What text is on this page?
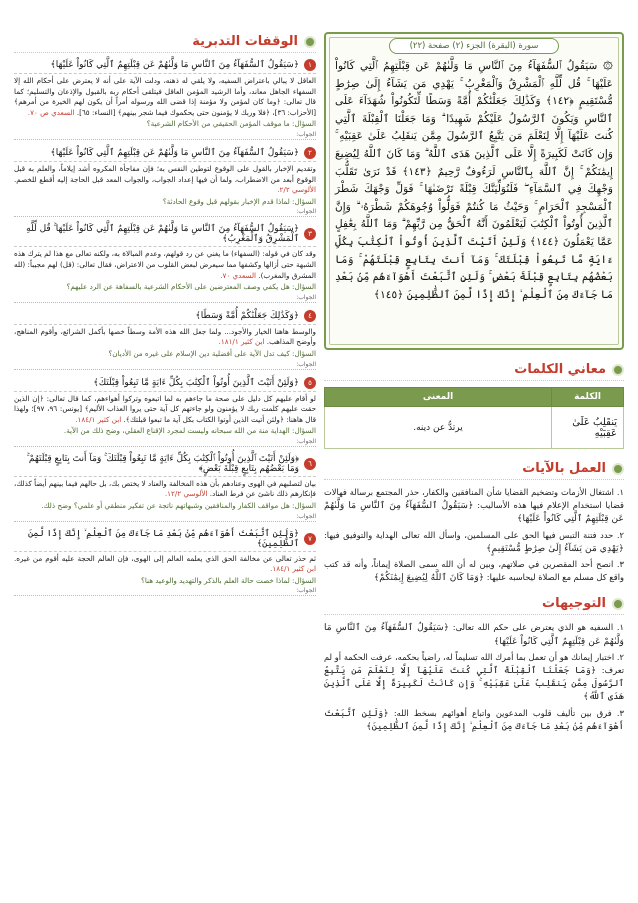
سورة (البقرة) الجزء (٢) صفحة (٢٢)
۞ سَيَقُولُ ٱلسُّفَهَآءُ مِنَ ٱلنَّاسِ مَا وَلَّىٰهُمْ عَن قِبْلَتِهِمُ ٱلَّتِي كَانُواْ عَلَيْهَا ۚ قُل لِّلَّهِ ٱلْمَشْرِقُ وَٱلْمَغْرِبُ ۚ يَهْدِي مَن يَشَآءُ إِلَىٰ صِرَٰطٍ مُّسْتَقِيمٍ ﴿١٤٢﴾ وَكَذَٰلِكَ جَعَلْنَٰكُمْ أُمَّةً وَسَطًا لِّتَكُونُواْ شُهَدَآءَ عَلَى ٱلنَّاسِ وَيَكُونَ ٱلرَّسُولُ عَلَيْكُمْ شَهِيدًا ۗ وَمَا جَعَلْنَا ٱلْقِبْلَةَ ٱلَّتِي كُنتَ عَلَيْهَآ إِلَّا لِنَعْلَمَ مَن يَتَّبِعُ ٱلرَّسُولَ مِمَّن يَنقَلِبُ عَلَىٰ عَقِبَيْهِ ۚ وَإِن كَانَتْ لَكَبِيرَةً إِلَّا عَلَى ٱلَّذِينَ هَدَى ٱللَّهُ ۗ وَمَا كَانَ ٱللَّهُ لِيُضِيعَ إِيمَٰنَكُمْ ۚ إِنَّ ٱللَّهَ بِٱلنَّاسِ لَرَءُوفٌ رَّحِيمٌ ﴿١٤٣﴾ قَدْ نَرَىٰ تَقَلُّبَ وَجْهِكَ فِي ٱلسَّمَآءِ ۖ فَلَنُوَلِّيَنَّكَ قِبْلَةً تَرْضَىٰهَا ۚ فَوَلِّ وَجْهَكَ شَطْرَ ٱلْمَسْجِدِ ٱلْحَرَامِ ۚ وَحَيْثُ مَا كُنتُمْ فَوَلُّواْ وُجُوهَكُمْ شَطْرَهُۥ ۗ وَإِنَّ ٱلَّذِينَ أُوتُواْ ٱلْكِتَٰبَ لَيَعْلَمُونَ أَنَّهُ ٱلْحَقُّ مِن رَّبِّهِمْ ۗ وَمَا ٱللَّهُ بِغَٰفِلٍ عَمَّا يَعْمَلُونَ ﴿١٤٤﴾ وَلَئِنْ أَتَيْتَ ٱلَّذِينَ أُوتُواْ ٱلْكِتَٰبَ بِكُلِّ ءَايَةٍ مَّا تَبِعُواْ قِبْلَتَكَ ۚ وَمَآ أَنتَ بِتَابِعٍ قِبْلَتَهُمْ ۚ وَمَا بَعْضُهُم بِتَابِعٍ قِبْلَةَ بَعْضٍ ۚ وَلَئِنِ ٱتَّبَعْتَ أَهْوَآءَهُم مِّنۢ بَعْدِ مَا جَآءَكَ مِنَ ٱلْعِلْمِ ۙ إِنَّكَ إِذًا لَّمِنَ ٱلظَّٰلِمِينَ ﴿١٤٥﴾
معاني الكلمات
الكلمة	المعنى
يَنقَلِبُ عَلَىٰ عَقِبَيْهِ	يرتدُّ عن دينه.
العمل بالآيات

١. اشتغال الأزمات وتضخيم القضايا شأن المنافقين والكفار، حذر المجتمع برسالة فهالات قضايا استخدام الإعلام فيها هذه الأساليب: ﴿سَيَقُولُ ٱلسُّفَهَآءُ مِنَ ٱلنَّاسِ مَا وَلَّىٰهُمْ عَن قِبْلَتِهِمُ ٱلَّتِي كَانُواْ عَلَيْهَا﴾

٢. حدد فتنة التبس فيها الحق على المسلمين، واسأل الله تعالى الهداية والتوفيق فيها: ﴿يَهْدِي مَن يَشَآءُ إِلَىٰ صِرَٰطٍ مُّسْتَقِيمٍ﴾

٣. انصح أحد المقصرين في صلاتهم، وبين له أن الله سمى الصلاة إيماناً، وأنه قد كتب واقع كل مسلم مع الصلاة ليحاسبه عليها: ﴿وَمَا كَانَ ٱللَّهُ لِيُضِيعَ إِيمَٰنَكُمْ﴾

التوجيهات

١. السفيه هو الذي يعترض على حكم الله تعالى: ﴿سَيَقُولُ ٱلسُّفَهَآءُ مِنَ ٱلنَّاسِ مَا وَلَّىٰهُمْ عَن قِبْلَتِهِمُ ٱلَّتِي كَانُواْ عَلَيْهَا﴾

٢. اختبار إيمانك هو أن تعمل بما أمرك الله تسليماً له، راضياً بحكمه، عرفت الحكمة أو لم تعرف: ﴿وَمَا جَعَلْنَا ٱلْقِبْلَةَ ٱلَّتِي كُنتَ عَلَيْهَآ إِلَّا لِنَعْلَمَ مَن يَتَّبِعُ ٱلرَّسُولَ مِمَّن يَنقَلِبُ عَلَىٰ عَقِبَيْهِ ۚ وَإِن كَانَتْ لَكَبِيرَةً إِلَّا عَلَى ٱلَّذِينَ هَدَى ٱللَّهُ﴾

٣. فرق بين تأليف قلوب المدعوين واتباع أهوائهم بسخط الله: ﴿وَلَئِنِ ٱتَّبَعْتَ أَهْوَآءَهُم مِّنۢ بَعْدِ مَا جَآءَكَ مِنَ ٱلْعِلْمِ ۙ إِنَّكَ إِذًا لَّمِنَ ٱلظَّٰلِمِينَ﴾

الوقفات التدبرية
١
﴿سَيَقُولُ ٱلسُّفَهَآءُ مِنَ ٱلنَّاسِ مَا وَلَّىٰهُمْ عَن قِبْلَتِهِمُ ٱلَّتِي كَانُواْ عَلَيْهَا﴾
العاقل لا يبالي باعتراض السفيه، ولا يلقي له ذهنه، ودلت الآية على أنه لا يعترض على أحكام الله إلا السفهاء الجاهل معاند، وأما الرشيد المؤمن العاقل فيتلقى أحكام ربه بالقبول والإذعان والتسليم؛ كما قال تعالى: ﴿وما كان لمؤمن ولا مؤمنة إذا قضى الله ورسوله أمراً أن يكون لهم الخيرة من أمرهم﴾ [الأحزاب: ٣٦]، ﴿فلا وربك لا يؤمنون حتى يحكموك فيما شجر بينهم﴾ [النساء: ٦٥]. السعدي ص ٧٠.
السؤال: ما موقف المؤمن الحقيقي من الأحكام الشرعية؟
الجواب:
٢
﴿سَيَقُولُ ٱلسُّفَهَآءُ مِنَ ٱلنَّاسِ مَا وَلَّىٰهُمْ عَن قِبْلَتِهِمُ ٱلَّتِي كَانُواْ عَلَيْهَا﴾
وتقديم الإخبار بالقول على الوقوع لتوطين النفس به؛ فإن مفاجأة المكروه أشد إيلاماً، والعلم به قبل الوقوع أبعد من الاضطراب، ولما أن فيها إعداد الجواب، والجواب المعد قبل الحاجة إليه أقطع للخصم. الألوسي ٢/٢.
السؤال: لماذا قدم الإخبار بقولهم قبل وقوع الحادثة؟
الجواب:
٣
﴿سَيَقُولُ ٱلسُّفَهَآءُ مِنَ ٱلنَّاسِ مَا وَلَّىٰهُمْ عَن قِبْلَتِهِمُ ٱلَّتِي كَانُواْ عَلَيْهَا ۚ قُل لِّلَّهِ ٱلْمَشْرِقُ وَٱلْمَغْرِبُ﴾
وقد كان في قوله: (السفهاء) ما يغني عن رد قولهم، وعدم المبالاة به، ولكنه تعالى مع هذا لم يترك هذه الشبهة حتى أزالها وكشفها مما سيعرض لبعض القلوب من الاعتراض، فقال تعالى: (قل) لهم مجيباً: (لله المشرق والمغرب). السعدي ٧٠.
السؤال: هل يكفي وصف المعترضين على الأحكام الشرعية بالسفاهة عن الرد عليهم؟
الجواب:
٤
﴿وَكَذَٰلِكَ جَعَلْنَٰكُمْ أُمَّةً وَسَطًا﴾
والوسط هاهنا الخيار والأجود... ولما جعل الله هذه الأمة وسطاً خصها بأكمل الشرائع، وأقوم المناهج، وأوضح المذاهب. ابن كثير ١٨١/١.
السؤال: كيف تدل الآية على أفضلية دين الإسلام على غيره من الأديان؟
الجواب:
٥
﴿وَلَئِنْ أَتَيْتَ ٱلَّذِينَ أُوتُواْ ٱلْكِتَٰبَ بِكُلِّ ءَايَةٍ مَّا تَبِعُواْ قِبْلَتَكَ﴾
لو أقام عليهم كل دليل على صحة ما جاءهم به لما اتبعوه وتركوا أهواءهم، كما قال تعالى: ﴿إن الذين حقت عليهم كلمت ربك لا يؤمنون ولو جاءتهم كل آية حتى يروا العذاب الأليم﴾ [يونس: ٩٦، ٩٧]؛ ولهذا قال هاهنا: ﴿ولئن أتيت الذين أوتوا الكتاب بكل آية ما تبعوا قبلتك﴾. ابن كثير ١٨٤/١.
السؤال: الهداية منة من الله سبحانه وليست لمجرد الإقناع العقلي، وضح ذلك من الآية.
الجواب:
٦
﴿وَلَئِنْ أَتَيْتَ ٱلَّذِينَ أُوتُواْ ٱلْكِتَٰبَ بِكُلِّ ءَايَةٍ مَّا تَبِعُواْ قِبْلَتَكَ ۚ وَمَآ أَنتَ بِتَابِعٍ قِبْلَتَهُمْ ۚ وَمَا بَعْضُهُم بِتَابِعٍ قِبْلَةَ بَعْضٍ﴾
بيان لتصلبهم في الهوى وعنادهم بأن هذه المخالفة والعناد لا يختص بك، بل حالهم فيما بينهم أيضاً كذلك، فإنكارهم ذلك ناشئ عن فرط العناد. الألوسي ١٢/٢.
السؤال: هل مواقف الكفار والمنافقين وشبهاتهم ناتجة عن تفكير منطقي أو علمي؟ وضح ذلك.
الجواب:
٧
﴿وَلَئِنِ ٱتَّبَعْتَ أَهْوَآءَهُم مِّنۢ بَعْدِ مَا جَآءَكَ مِنَ ٱلْعِلْمِ ۙ إِنَّكَ إِذًا لَّمِنَ ٱلظَّٰلِمِينَ﴾
ثم حذر تعالى عن مخالفة الحق الذي يعلمه العالم إلى الهوى، فإن العالم الحجة عليه أقوم من غيره. ابن كثير ١٨٤/١.
السؤال: لماذا خصت حالة العلم بالذكر والتهديد والوعيد هنا؟
الجواب:
